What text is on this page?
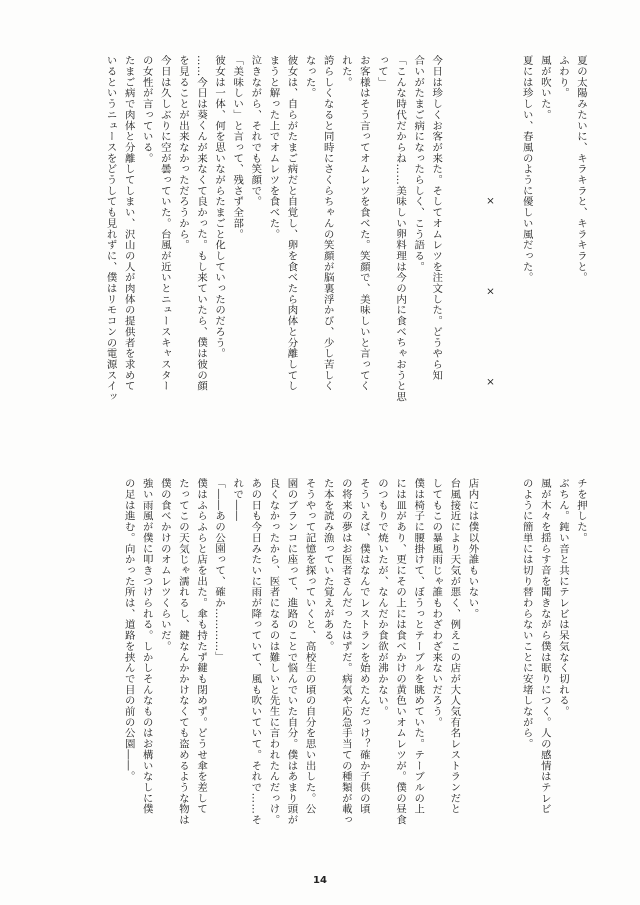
夏の太陽みたいに、キラキラと、キラキラと。
ふわり。
風が吹いた。
夏には珍しい、春風のように優しい風だった。

×　×　×

今日は珍しくお客が来た。そしてオムレツを注文した。どうやら知
合いがたまご病になったらしく、こう語る。
「こんな時代だからね……美味しい卵料理は今の内に食べちゃおうと思
って」
お客様はそう言ってオムレツを食べた。笑顔で、美味しいと言ってく
れた。
誇らしくなると同時にさくらちゃんの笑顔が脳裏浮かび、少し苦しく
なった。
彼女は、自らがたまご病だと自覚し、卵を食べたら肉体と分離してし
まうと解った上でオムレツを食べた。
泣きながら、それでも笑顔で。
「美味しい」と言って、残さず全部。
彼女は一体、何を思いながらたまごと化していったのだろう。
……今日は葵くんが来なくて良かった。もし来ていたら、僕は彼の顔
を見ることが出来なかっただろうから。
今日は久しぶりに空が曇っていた。台風が近いとニュースキャスター
の女性が言っている。
たまご病で肉体と分離してしまい、沢山の人が肉体の提供者を求めて
いるというニュースをどうしても見れずに、僕はリモコンの電源スイッ
チを押した。
ぶちん。鈍い音と共にテレビは呆気なく切れる。
風が木々を揺らす音を聞きながら僕は眠りにつく。人の感情はテレビ
のように簡単には切り替わらないことに安堵しながら。

店内には僕以外誰もいない。
台風接近により天気が悪く、例えこの店が大人気有名レストランだと
してもこの暴風雨じゃ誰もわざわざ来ないだろう。
僕は椅子に腰掛けて、ぼうっとテーブルを眺めていた。テーブルの上
には皿があり、更にその上には食べかけの黄色いオムレツが。僕の昼食
のつもりで焼いたが、なんだか食欲が沸かない。
そういえば、僕はなんでレストランを始めたんだっけ？確か子供の頃
の将来の夢はお医者さんだったはずだ。病気や応急手当ての種類が載っ
た本を読み漁っていた覚えがある。
そうやって記憶を探っていくと、高校生の頃の自分を思い出した。公
園のブランコに座って、進路のことで悩んでいた自分。僕はあまり頭が
良くなかったから、医者になるのは難しいと先生に言われたんだっけ。
あの日も今日みたいに雨が降っていて、風も吹いていて。それで……そ
れで――
「――あの公園って、確か…………」
僕はふらふらと店を出た。傘も持たず鍵も閉めず。どうせ傘を差して
たってこの天気じゃ濡れるし、鍵なんかかけなくても盗めるような物は
僕の食べかけのオムレツくらいだ。
強い雨風が僕に叩きつけられる。しかしそんなものはお構いなしに僕
の足は進む。向かった所は、道路を挟んで目の前の公園――。
14
